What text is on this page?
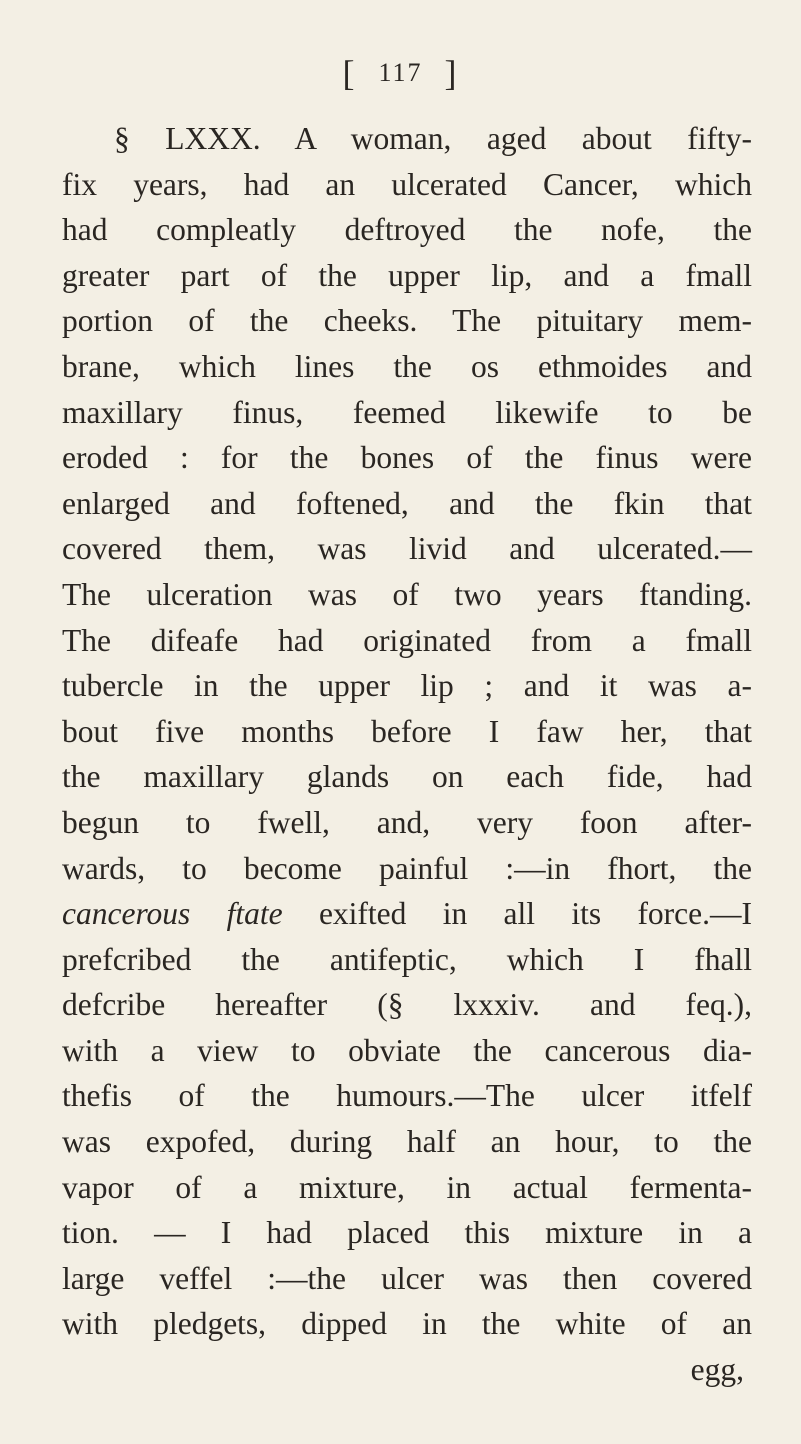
[ 117 ]
§ LXXX. A woman, aged about fifty-
fix years, had an ulcerated Cancer, which
had compleatly deftroyed the nofe, the
greater part of the upper lip, and a fmall
portion of the cheeks. The pituitary mem-
brane, which lines the os ethmoides and
maxillary finus, feemed likewife to be
eroded : for the bones of the finus were
enlarged and foftened, and the fkin that
covered them, was livid and ulcerated.—
The ulceration was of two years ftanding.
The difeafe had originated from a fmall
tubercle in the upper lip ; and it was a-
bout five months before I faw her, that
the maxillary glands on each fide, had
begun to fwell, and, very foon after-
wards, to become painful :—in fhort, the
cancerous ftate exifted in all its force.—I
prefcribed the antifeptic, which I fhall
defcribe hereafter (§ lxxxiv. and feq.),
with a view to obviate the cancerous dia-
thefis of the humours.—The ulcer itfelf
was expofed, during half an hour, to the
vapor of a mixture, in actual fermenta-
tion. — I had placed this mixture in a
large veffel :—the ulcer was then covered
with pledgets, dipped in the white of an
egg,
